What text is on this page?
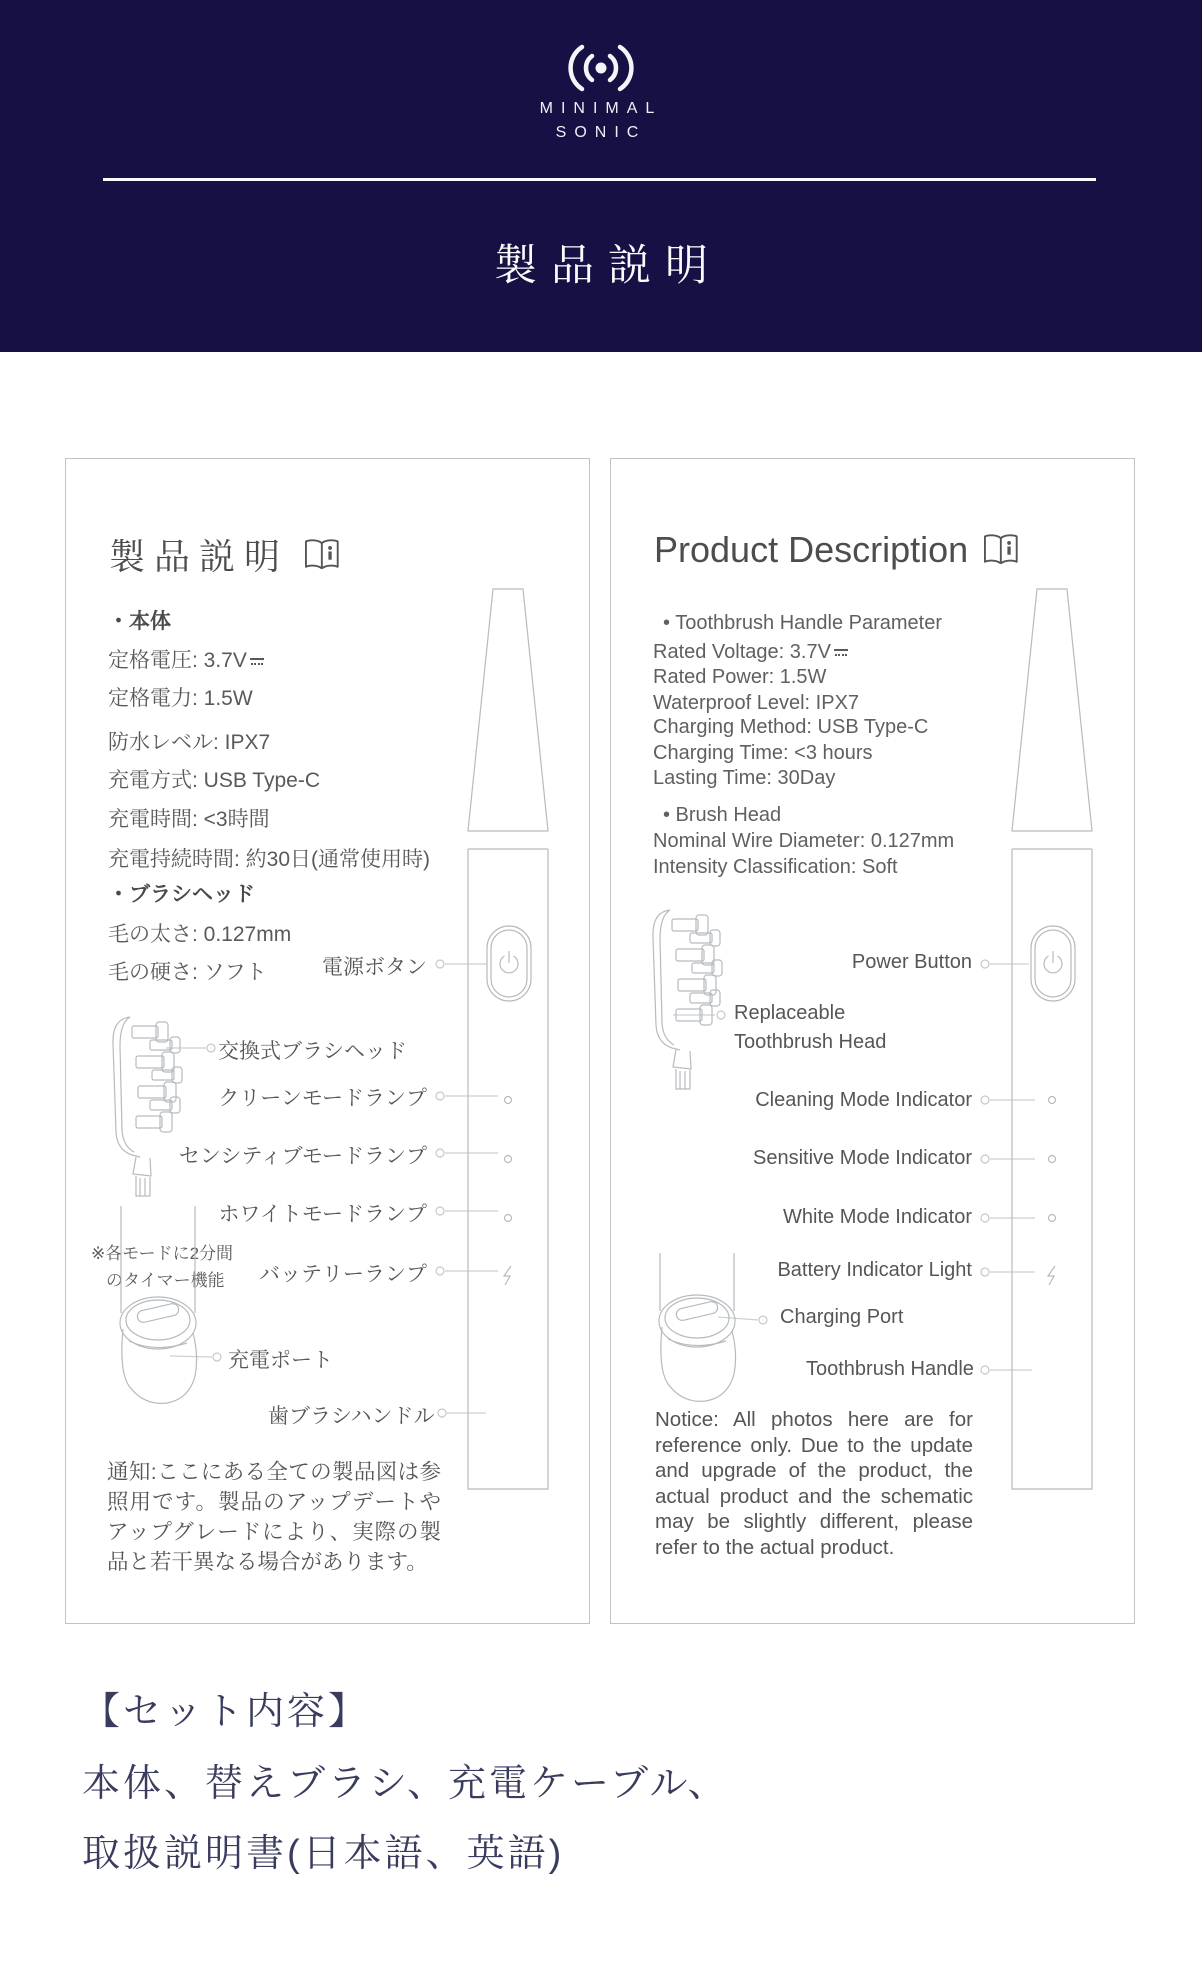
MINIMAL
SONIC
製品説明
製品説明
・本体
定格電圧: 3.7V
定格電力: 1.5W
防水レベル: IPX7
充電方式: USB Type-C
充電時間: <3時間
充電持続時間: 約30日(通常使用時)
・ブラシヘッド
毛の太さ: 0.127mm
毛の硬さ: ソフト	電源ボタン
交換式ブラシヘッド
クリーンモードランプ
センシティブモードランプ
ホワイトモードランプ
バッテリーランプ
充電ポート
歯ブラシハンドル
※各モードに2分間
のタイマー機能
通知:ここにある全ての製品図は参照用です。製品のアップデートやアップグレードにより、実際の製品と若干異なる場合があります。
Product Description
• Toothbrush Handle Parameter
Rated Voltage: 3.7V
Rated Power: 1.5W
Waterproof Level: IPX7
Charging Method: USB Type-C
Charging Time: <3 hours
Lasting Time: 30Day
• Brush Head
Nominal Wire Diameter: 0.127mm
Intensity Classification: Soft
Power Button
Replaceable
Toothbrush Head
Cleaning Mode Indicator
Sensitive Mode Indicator
White Mode Indicator
Battery Indicator Light
Charging Port
Toothbrush Handle
Notice: All photos here are for reference only. Due to the update and upgrade of the product, the actual product and the schematic may be slightly different, please refer to the actual product.
【セット内容】
本体、替えブラシ、充電ケーブル、
取扱説明書(日本語、英語)
